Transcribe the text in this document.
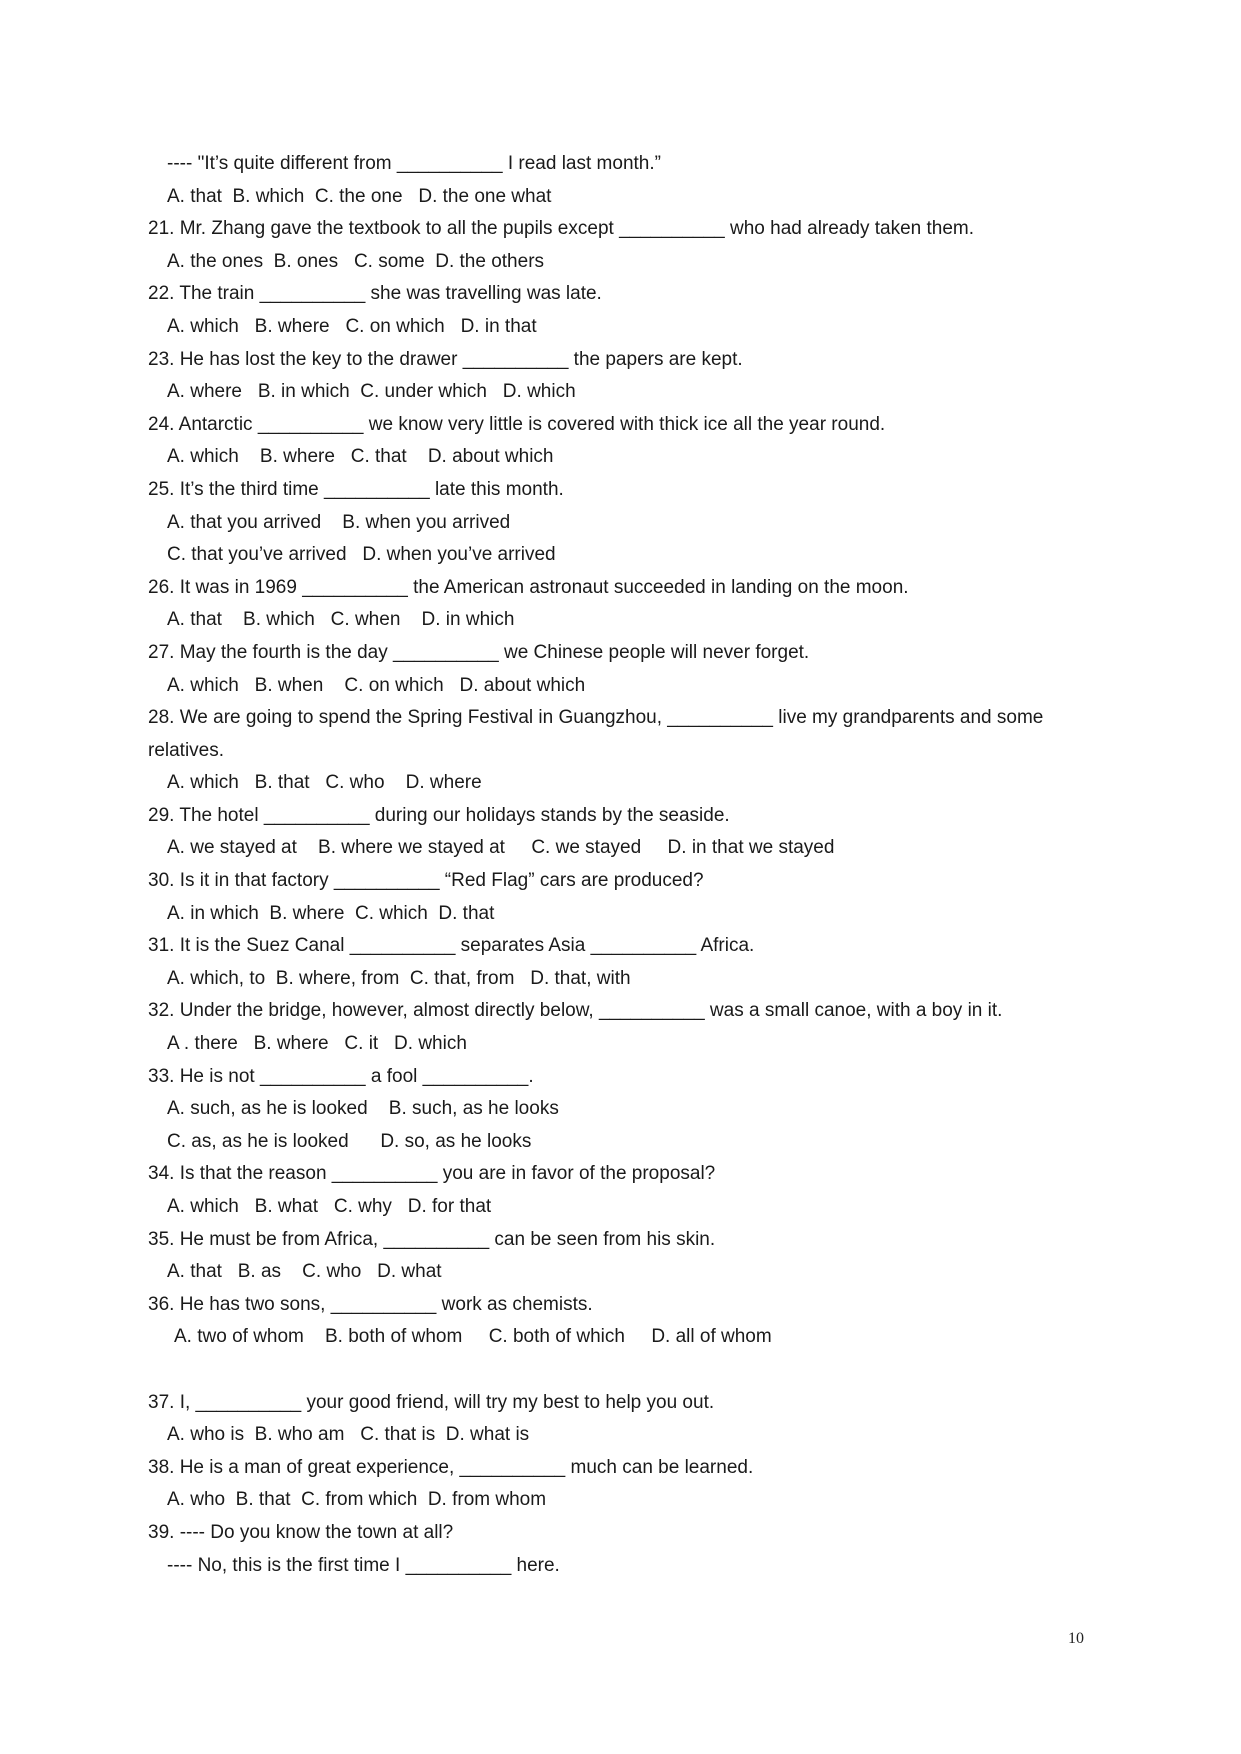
---- "It’s quite different from __________ I read last month.”
A. that  B. which  C. the one   D. the one what
21. Mr. Zhang gave the textbook to all the pupils except __________ who had already taken them.
A. the ones  B. ones   C. some  D. the others
22. The train __________ she was travelling was late.
A. which   B. where   C. on which   D. in that
23. He has lost the key to the drawer __________ the papers are kept.
A. where   B. in which  C. under which   D. which
24. Antarctic __________ we know very little is covered with thick ice all the year round.
A. which    B. where   C. that    D. about which
25. It’s the third time __________ late this month.
A. that you arrived    B. when you arrived
C. that you’ve arrived   D. when you’ve arrived
26. It was in 1969 __________ the American astronaut succeeded in landing on the moon.
A. that    B. which   C. when    D. in which
27. May the fourth is the day __________ we Chinese people will never forget.
A. which   B. when    C. on which   D. about which
28. We are going to spend the Spring Festival in Guangzhou, __________ live my grandparents and some relatives.
A. which   B. that   C. who    D. where
29. The hotel __________ during our holidays stands by the seaside.
A. we stayed at    B. where we stayed at     C. we stayed     D. in that we stayed
30. Is it in that factory __________ “Red Flag” cars are produced?
A. in which  B. where  C. which  D. that
31. It is the Suez Canal __________ separates Asia __________ Africa.
A. which, to  B. where, from  C. that, from   D. that, with
32. Under the bridge, however, almost directly below, __________ was a small canoe, with a boy in it.
A . there   B. where   C. it   D. which
33. He is not __________ a fool __________.
A. such, as he is looked    B. such, as he looks
C. as, as he is looked      D. so, as he looks
34. Is that the reason __________ you are in favor of the proposal?
A. which   B. what   C. why   D. for that
35. He must be from Africa, __________ can be seen from his skin.
A. that   B. as    C. who   D. what
36. He has two sons, __________ work as chemists.
A. two of whom    B. both of whom     C. both of which     D. all of whom
37. I, __________ your good friend, will try my best to help you out.
A. who is  B. who am   C. that is  D. what is
38. He is a man of great experience, __________ much can be learned.
A. who  B. that  C. from which  D. from whom
39. ---- Do you know the town at all?
---- No, this is the first time I __________ here.
10
